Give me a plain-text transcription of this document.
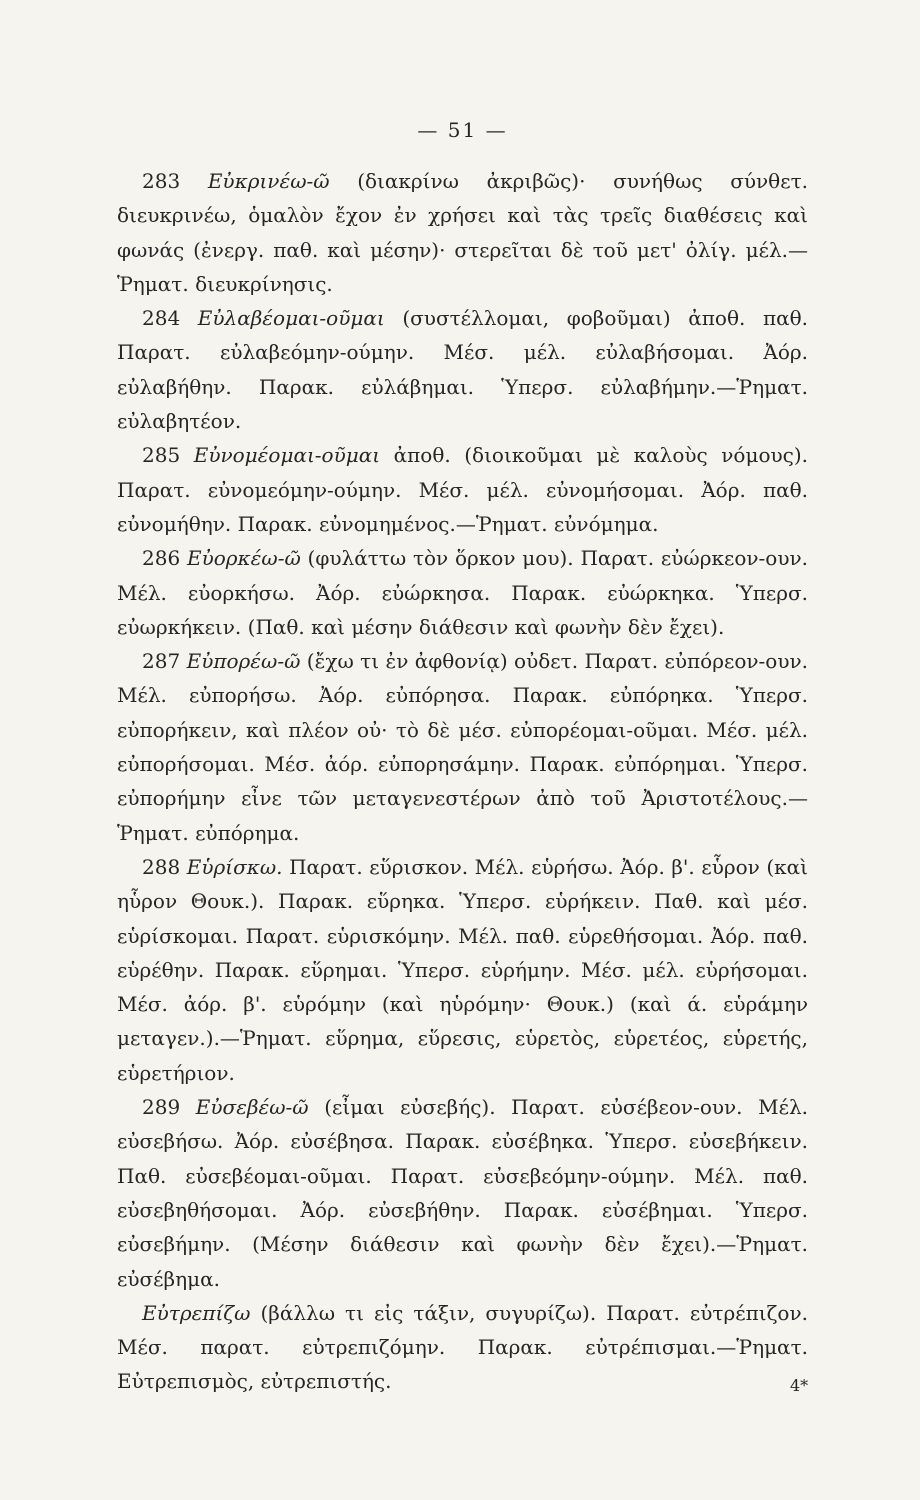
— 51 —
283 Εὐκρινέω-ῶ (διακρίνω ἀκριβῶς)· συνήθως σύνθετ. διευκρινέω, ὁμαλὸν ἔχον ἐν χρήσει καὶ τὰς τρεῖς διαθέσεις καὶ φωνάς (ἐνεργ. παθ. καὶ μέσην)· στερεῖται δὲ τοῦ μετ' ὀλίγ. μέλ.— Ῥηματ. διευκρίνησις.
284 Εὐλαβέομαι-οῦμαι (συστέλλομαι, φοβοῦμαι) ἀποθ. παθ. Παρατ. εὐλαβεόμην-ούμην. Μέσ. μέλ. εὐλαβήσομαι. Ἀόρ. εὐλαβήθην. Παρακ. εὐλάβημαι. Ὑπερσ. εὐλαβήμην.—Ῥηματ. εὐλαβητέον.
285 Εὐνομέομαι-οῦμαι ἀποθ. (διοικοῦμαι μὲ καλοὺς νόμους). Παρατ. εὐνομεόμην-ούμην. Μέσ. μέλ. εὐνομήσομαι. Ἀόρ. παθ. εὐνομήθην. Παρακ. εὐνομημένος.—Ῥηματ. εὐνόμημα.
286 Εὐορκέω-ῶ (φυλάττω τὸν ὅρκον μου). Παρατ. εὐώρκεον-ουν. Μέλ. εὐορκήσω. Ἀόρ. εὐώρκησα. Παρακ. εὐώρκηκα. Ὑπερσ. εὐωρκήκειν. (Παθ. καὶ μέσην διάθεσιν καὶ φωνὴν δὲν ἔχει).
287 Εὐπορέω-ῶ (ἔχω τι ἐν ἀφθονίᾳ) οὐδετ. Παρατ. εὐπόρεον-ουν. Μέλ. εὐπορήσω. Ἀόρ. εὐπόρησα. Παρακ. εὐπόρηκα. Ὑπερσ. εὐπορήκειν, καὶ πλέον οὐ· τὸ δὲ μέσ. εὐπορέομαι-οῦμαι. Μέσ. μέλ. εὐπορήσομαι. Μέσ. ἀόρ. εὐπορησάμην. Παρακ. εὐπόρημαι. Ὑπερσ. εὐπορήμην εἶνε τῶν μεταγενεστέρων ἀπὸ τοῦ Ἀριστοτέλους.—Ῥηματ. εὐπόρημα.
288 Εὑρίσκω. Παρατ. εὕρισκον. Μέλ. εὑρήσω. Ἀόρ. β'. εὗρον (καὶ ηὗρον Θουκ.). Παρακ. εὕρηκα. Ὑπερσ. εὑρήκειν. Παθ. καὶ μέσ. εὑρίσκομαι. Παρατ. εὑρισκόμην. Μέλ. παθ. εὑρεθήσομαι. Ἀόρ. παθ. εὑρέθην. Παρακ. εὕρημαι. Ὑπερσ. εὑρήμην. Μέσ. μέλ. εὑρήσομαι. Μέσ. ἀόρ. β'. εὑρόμην (καὶ ηὑρόμην· Θουκ.) (καὶ ά. εὑράμην μεταγεν.).—Ῥηματ. εὕρημα, εὕρεσις, εὑρετὸς, εὑρετέος, εὑρετής, εὑρετήριον.
289 Εὐσεβέω-ῶ (εἶμαι εὐσεβής). Παρατ. εὐσέβεον-ουν. Μέλ. εὐσεβήσω. Ἀόρ. εὐσέβησα. Παρακ. εὐσέβηκα. Ὑπερσ. εὐσεβήκειν. Παθ. εὐσεβέομαι-οῦμαι. Παρατ. εὐσεβεόμην-ούμην. Μέλ. παθ. εὐσεβηθήσομαι. Ἀόρ. εὐσεβήθην. Παρακ. εὐσέβημαι. Ὑπερσ. εὐσεβήμην. (Μέσην διάθεσιν καὶ φωνὴν δὲν ἔχει).—Ῥηματ. εὐσέβημα.
Εὐτρεπίζω (βάλλω τι εἰς τάξιν, συγυρίζω). Παρατ. εὐτρέπιζον. Μέσ. παρατ. εὐτρεπιζόμην. Παρακ. εὐτρέπισμαι.—Ῥηματ. Εὐτρεπισμὸς, εὐτρεπιστής.	4*
